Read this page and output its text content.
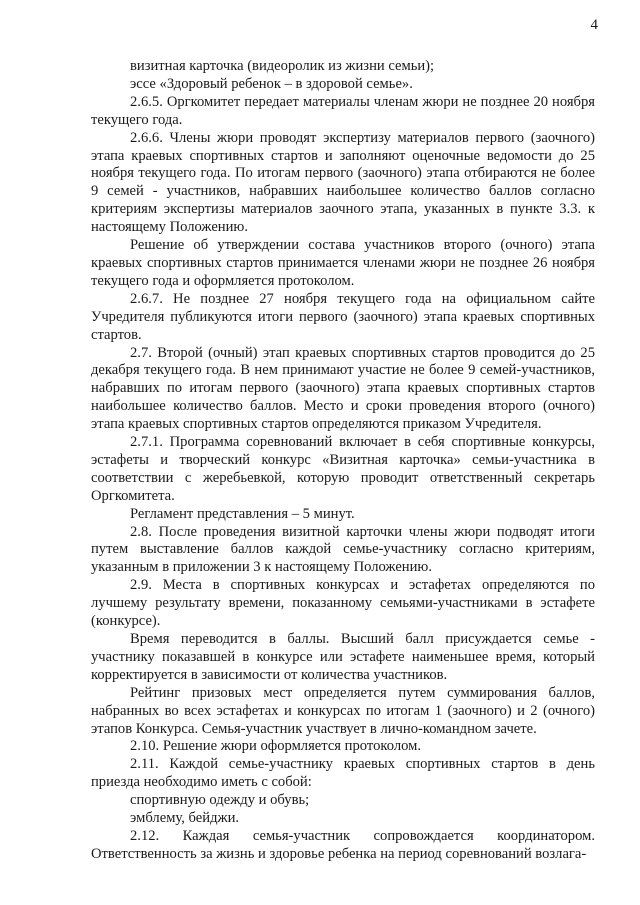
4

визитная карточка (видеоролик из жизни семьи);

эссе «Здоровый ребенок – в здоровой семье».

2.6.5. Оргкомитет передает материалы членам жюри не позднее 20 ноября текущего года.

2.6.6. Члены жюри проводят экспертизу материалов первого (заочного) этапа краевых спортивных стартов и заполняют оценочные ведомости до 25 ноября текущего года. По итогам первого (заочного) этапа отбираются не более 9 семей - участников, набравших наибольшее количество баллов согласно критериям экспертизы материалов заочного этапа, указанных в пункте 3.3. к настоящему Положению.

Решение об утверждении состава участников второго (очного) этапа краевых спортивных стартов принимается членами жюри не позднее 26 ноября текущего года и оформляется протоколом.

2.6.7. Не позднее 27 ноября текущего года на официальном сайте Учредителя публикуются итоги первого (заочного) этапа краевых спортивных стартов.

2.7. Второй (очный) этап краевых спортивных стартов проводится до 25 декабря текущего года. В нем принимают участие не более 9 семей-участников, набравших по итогам первого (заочного) этапа краевых спортивных стартов наибольшее количество баллов. Место и сроки проведения второго (очного) этапа краевых спортивных стартов определяются приказом Учредителя.

2.7.1. Программа соревнований включает в себя спортивные конкурсы, эстафеты и творческий конкурс «Визитная карточка» семьи-участника в соответствии с жеребьевкой, которую проводит ответственный секретарь Оргкомитета.

Регламент представления – 5 минут.

2.8. После проведения визитной карточки члены жюри подводят итоги путем выставление баллов каждой семье-участнику согласно критериям, указанным в приложении 3 к настоящему Положению.

2.9. Места в спортивных конкурсах и эстафетах определяются по лучшему результату времени, показанному семьями-участниками в эстафете (конкурсе).

Время переводится в баллы. Высший балл присуждается семье - участнику показавшей в конкурсе или эстафете наименьшее время, который корректируется в зависимости от количества участников.

Рейтинг призовых мест определяется путем суммирования баллов, набранных во всех эстафетах и конкурсах по итогам 1 (заочного) и 2 (очного) этапов Конкурса. Семья-участник участвует в лично-командном зачете.

2.10. Решение жюри оформляется протоколом.

2.11. Каждой семье-участнику краевых спортивных стартов в день приезда необходимо иметь с собой:

спортивную одежду и обувь;

эмблему, бейджи.

2.12. Каждая семья-участник сопровождается координатором. Ответственность за жизнь и здоровье ребенка на период соревнований возлага-
